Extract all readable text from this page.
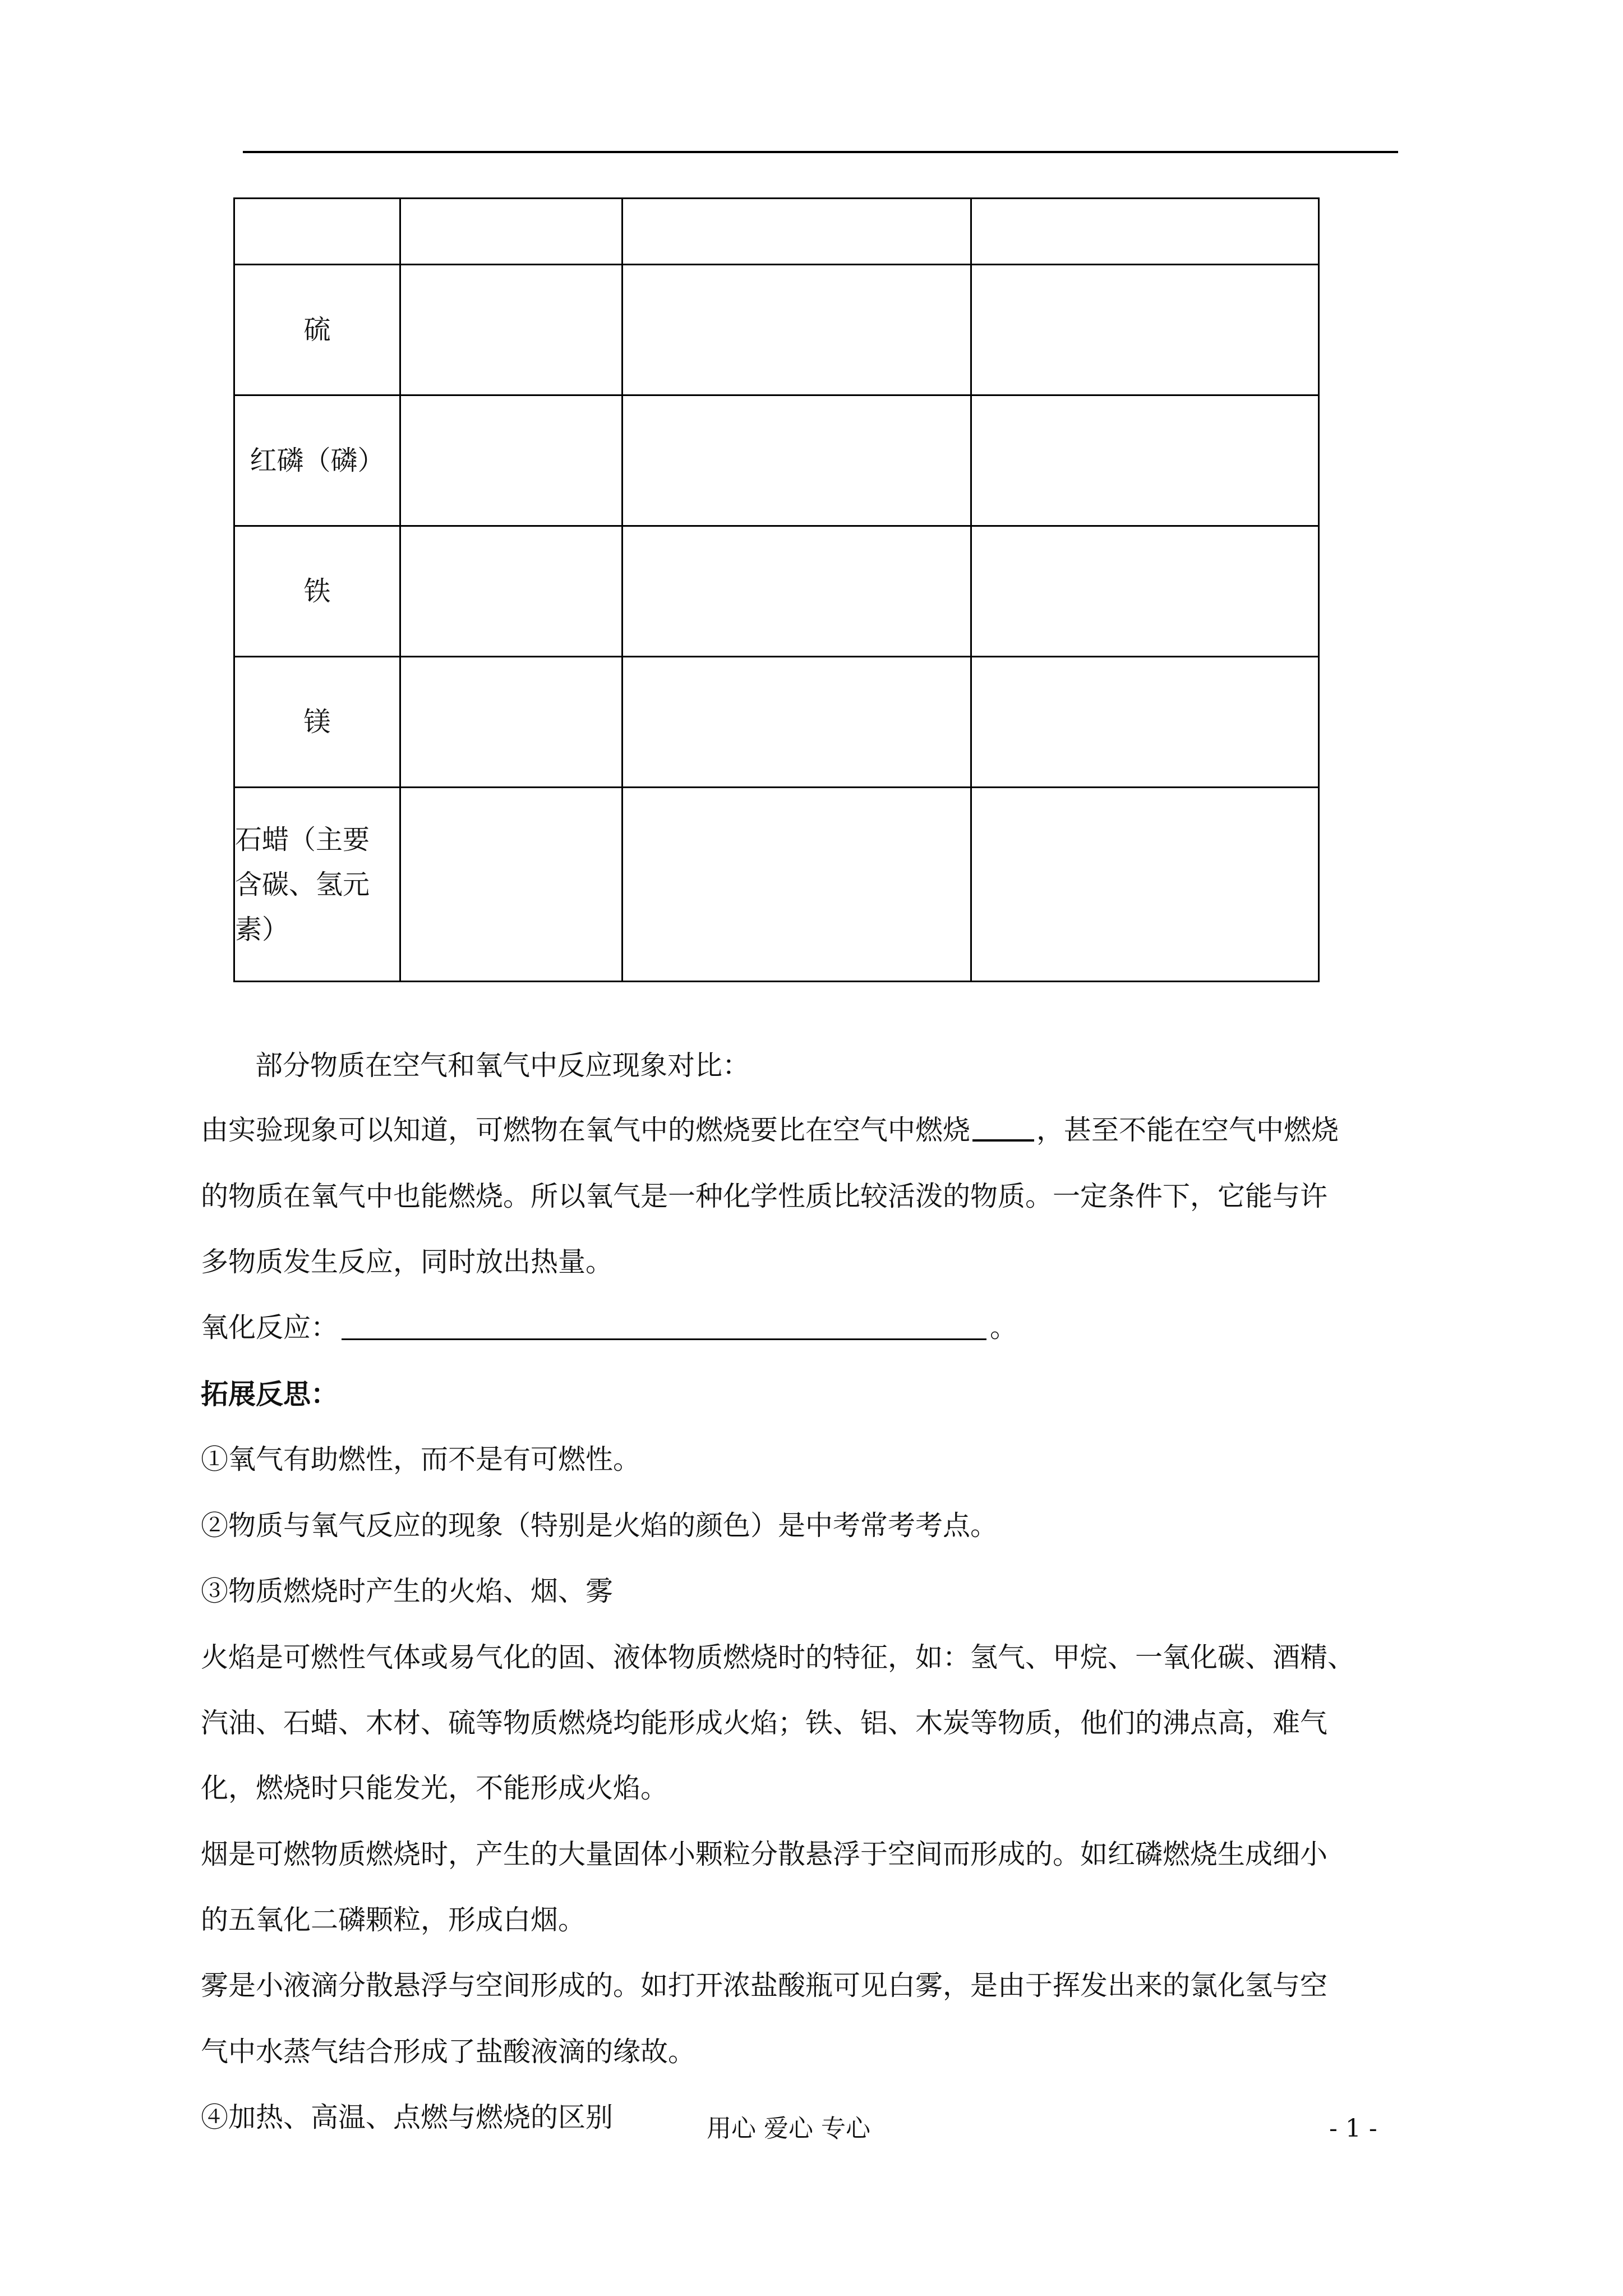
硫			
红磷（磷）			
铁			
镁			

石蜡（主要
含碳、氢元
素）			

部分物质在空气和氧气中反应现象对比：
由实验现象可以知道，可燃物在氧气中的燃烧要比在空气中燃烧 ，甚至不能在空气中燃烧
的物质在氧气中也能燃烧。所以氧气是一种化学性质比较活泼的物质。一定条件下，它能与许
多物质发生反应，同时放出热量。
氧化反应：	。
拓展反思：
①氧气有助燃性，而不是有可燃性。
②物质与氧气反应的现象（特别是火焰的颜色）是中考常考考点。
③物质燃烧时产生的火焰、烟、雾
火焰是可燃性气体或易气化的固、液体物质燃烧时的特征，如：氢气、甲烷、一氧化碳、酒精、
汽油、石蜡、木材、硫等物质燃烧均能形成火焰；铁、铝、木炭等物质，他们的沸点高，难气
化，燃烧时只能发光，不能形成火焰。
烟是可燃物质燃烧时，产生的大量固体小颗粒分散悬浮于空间而形成的。如红磷燃烧生成细小
的五氧化二磷颗粒，形成白烟。
雾是小液滴分散悬浮与空间形成的。如打开浓盐酸瓶可见白雾，是由于挥发出来的氯化氢与空
气中水蒸气结合形成了盐酸液滴的缘故。
④加热、高温、点燃与燃烧的区别	用心 爱心 专心	- 1 -
